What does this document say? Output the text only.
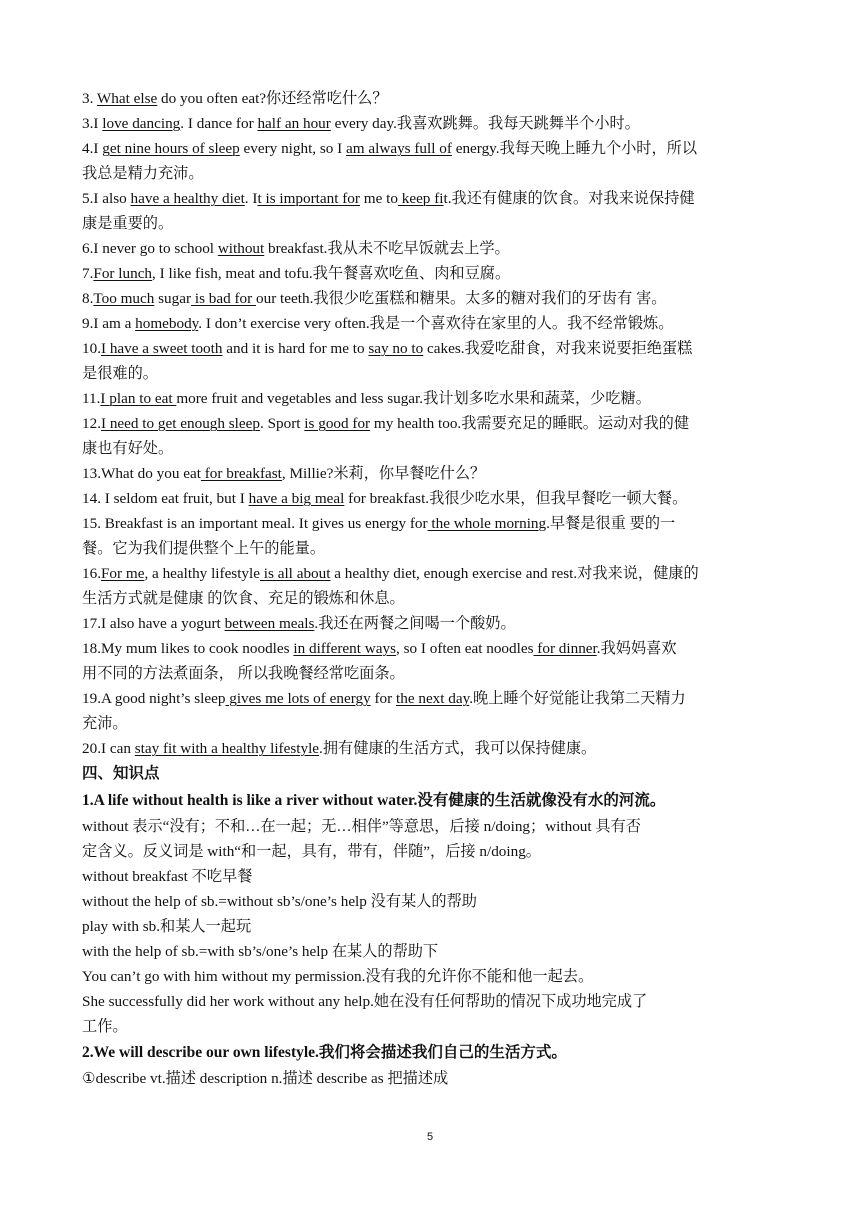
3. What else do you often eat?你还经常吃什么？
3.I love dancing. I dance for half an hour every day.我喜欢跳舞。我每天跳舞半个小时。
4.I get nine hours of sleep every night, so I am always full of energy.我每天晚上睡九个小时，所以
我总是精力充沛。
5.I also have a healthy diet. It is important for me to keep fit.我还有健康的饮食。对我来说保持健
康是重要的。
6.I never go to school without breakfast.我从未不吃早饭就去上学。
7.For lunch, I like fish, meat and tofu.我午餐喜欢吃鱼、肉和豆腐。
8.Too much sugar is bad for our teeth.我很少吃蛋糕和糖果。太多的糖对我们的牙齿有 害。
9.I am a homebody. I don’t exercise very often.我是一个喜欢待在家里的人。我不经常锻炼。
10.I have a sweet tooth and it is hard for me to say no to cakes.我爱吃甜食，对我来说要拒绝蛋糕
是很难的。
11.I plan to eat more fruit and vegetables and less sugar.我计划多吃水果和蔬菜，少吃糖。
12.I need to get enough sleep. Sport is good for my health too.我需要充足的睡眠。运动对我的健
康也有好处。
13.What do you eat for breakfast, Millie?米莉，你早餐吃什么？
14. I seldom eat fruit, but I have a big meal for breakfast.我很少吃水果，但我早餐吃一顿大餐。
15. Breakfast is an important meal. It gives us energy for the whole morning.早餐是很重 要的一
餐。它为我们提供整个上午的能量。
16.For me, a healthy lifestyle is all about a healthy diet, enough exercise and rest.对我来说，健康的
生活方式就是健康 的饮食、充足的锻炼和休息。
17.I also have a yogurt between meals.我还在两餐之间喝一个酸奶。
18.My mum likes to cook noodles in different ways, so I often eat noodles for dinner.我妈妈喜欢
用不同的方法煮面条， 所以我晚餐经常吃面条。
19.A good night’s sleep gives me lots of energy for the next day.晚上睡个好觉能让我第二天精力
充沛。
20.I can stay fit with a healthy lifestyle.拥有健康的生活方式，我可以保持健康。
四、知识点
1.A life without health is like a river without water.没有健康的生活就像没有水的河流。
without 表示“没有；不和…在一起；无…相伴”等意思，后接 n/doing；without 具有否
定含义。反义词是 with“和一起，具有，带有，伴随”，后接 n/doing。
without breakfast 不吃早餐
without the help of sb.=without sb’s/one’s help 没有某人的帮助
play with sb.和某人一起玩
with the help of sb.=with sb’s/one’s help 在某人的帮助下
You can’t go with him without my permission.没有我的允许你不能和他一起去。
She successfully did her work without any help.她在没有任何帮助的情况下成功地完成了
工作。
2.We will describe our own lifestyle.我们将会描述我们自己的生活方式。
①describe vt.描述 description n.描述 describe as 把描述成
5
